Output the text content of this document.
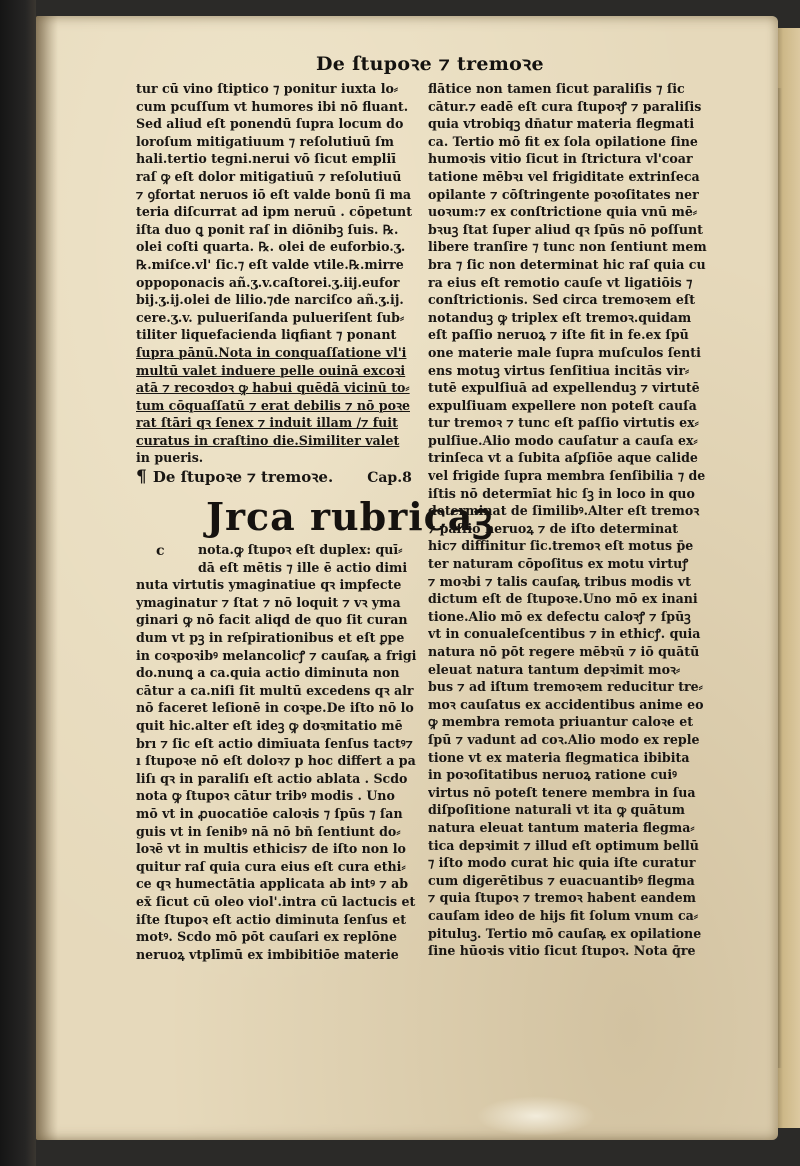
De ſtupoꝛe ⁊ tremoꝛe
tur cū vino ſtiptico ⁊ ponitur iuxta lo⸗
cum pcuſſum vt humores ibi nō fluant.
Sed aliud eſt ponendū ſupra locum do
loroſum mitigatiuum ⁊ reſolutiuū ſm
hali.tertio tegni.nerui vō ſicut empliī
raſ ꝙ eſt dolor mitigatiuū ⁊ reſolutiuū
⁊ ꝯfortat neruos iō eſt valde bonū ſi ma
teria diſcurrat ad ipm neruū . cōpetunt
iſta duo ꝗ ponit raſ in diōnibꝫ ſuis. ℞.
olei coſti quarta. ℞. olei de euforbio.ʒ.
℞.miſce.vl' ſic.⁊ eſt valde vtile.℞.mirre
oppoponacis añ.ʒ.v.caſtorei.ʒ.iij.eufor
bij.ʒ.ij.olei de lilio.⁊de narciſco añ.ʒ.ij.
cere.ʒ.v. pulueriſanda pulueriſent ſub⸗
tiliter liquefacienda liqfiant ⁊ ponant
ſupra pānū.Nota in conquaſſatione vl'i
multū valet induere pelle ouinā excoꝛi
atā ⁊ recoꝛdoꝛ ꝙ habui quēdā vicinū to⸗
tum cōquaſſatū ⁊ erat debilis ⁊ nō poꝛe
rat ſtāri qꝛ ſenex ⁊ induit illam /⁊ fuit
curatus in craſtino die.Similiter valet
in pueris.
¶ De ſtupoꝛe ⁊ tremoꝛe. Cap.8
Jrca rubricaꝫ
c	nota.ꝙ ſtupoꝛ eſt duplex: quī⸗
dā eſt mētis ⁊ ille ē actio dimi
nuta virtutis ymaginatiue qꝛ impfecte
ymaginatur ⁊ ſtat ⁊ nō loquit ⁊ vꝛ yma
ginari ꝙ nō facit aliqd de quo ſit curan
dum vt pꝫ in reſpirationibus et eſt ꝑpe
in coꝛpoꝛibꝰ melancolicꝭ ⁊ cauſaꝶ a frigi
do.nunꝗ a ca.quia actio diminuta non
cātur a ca.niſi ſit multū excedens qꝛ alr
nō faceret leſionē in coꝛpe.De iſto nō lo
quit hic.alter eſt ideꝫ ꝙ doꝛmitatio mē
brı ⁊ ſic eſt actio dimīuata ſenſus tactꝰ⁊
ı ſtupoꝛe nō eſt doloꝛ⁊ p hoc differt a pa
liſı qꝛ in paraliſı eſt actio ablata . Scdo
nota ꝙ ſtupoꝛ cātur tribꝰ modis . Uno
mō vt in ꝓuocatiōe caloꝛis ⁊ ſpūs ⁊ ſan
guis vt in ſenibꝰ nā nō bn̄ ſentiunt do⸗
loꝛē vt in multis ethicis⁊ de iſto non lo
quitur raſ quia cura eius eſt cura ethi⸗
ce qꝛ humectātia applicata ab intꝰ ⁊ ab
ex̄ ſicut cū oleo viol'.intra cū lactucis et
iſte ſtupoꝛ eſt actio diminuta ſenſus et
motꝰ. Scdo mō pōt cauſari ex replōne
neruoꝝ vtplīmū ex imbibitiōe materie
flātice non tamen ſicut paraliſis ⁊ ſic
cātur.⁊ eadē eſt cura ſtupoꝛꝭ ⁊ paraliſis
quia vtrobiqꝫ dn̄atur materia flegmati
ca. Tertio mō fit ex ſola opilatione ſine
humoꝛis vitio ſicut in ſtrictura vl'coar
tatione mēbꝛı vel frigiditate extrinſeca
opilante ⁊ cōſtringente poꝛoſitates ner
uoꝛum:⁊ ex conſtrictione quia vnū mē⸗
bꝛuꝫ ſtat ſuper aliud qꝛ ſpūs nō poſſunt
libere tranſire ⁊ tunc non ſentiunt mem
bra ⁊ ſic non determinat hic raſ quia cu
ra eius eſt remotio cauſe vt ligatiōis ⁊
conſtrictionis. Sed circa tremoꝛem eſt
notanduꝫ ꝙ triplex eſt tremoꝛ.quidam
eſt paſſio neruoꝝ ⁊ iſte fit in fe.ex ſpū
one materie male ſupra muſculos ſenti
ens motuꝫ virtus ſenſitiua incitās vir⸗
tutē expulſiuā ad expellenduꝫ ⁊ virtutē
expulſiuam expellere non poteſt cauſa
tur tremoꝛ ⁊ tunc eſt paſſio virtutis ex⸗
pulſiue.Alio modo cauſatur a cauſa ex⸗
trinſeca vt a ſubita aſꝑſiōe aque calide
vel frigide ſupra membra ſenſibilia ⁊ de
iſtis nō determīat hic ſꝫ in loco in quo
determinat de ſimilibꝰ.Alter eſt tremoꝛ
⁊ paſſio neruoꝝ ⁊ de iſto determinat
hic⁊ diffinitur ſic.tremoꝛ eſt motus p̄e
ter naturam cōpoſitus ex motu virtuꝭ
⁊ moꝛbi ⁊ talis cauſaꝶ tribus modis vt
dictum eſt de ſtupoꝛe.Uno mō ex inani
tione.Alio mō ex defectu caloꝛꝭ ⁊ ſpūꝫ
vt in conualeſcentibus ⁊ in ethicꝭ. quia
natura nō pōt regere mēbꝛū ⁊ iō quātū
eleuat natura tantum depꝛimit moꝛ⸗
bus ⁊ ad iſtum tremoꝛem reducitur tre⸗
moꝛ cauſatus ex accidentibus anime eo
ꝙ membra remota priuantur caloꝛe et
ſpū ⁊ vadunt ad coꝛ.Alio modo ex reple
tione vt ex materia flegmatica ibibita
in poꝛoſitatibus neruoꝝ ratione cuiꝰ
virtus nō poteſt tenere membra in ſua
diſpoſitione naturali vt ita ꝙ quātum
natura eleuat tantum materia flegma⸗
tica depꝛimit ⁊ illud eſt optimum bellū
⁊ iſto modo curat hic quia iſte curatur
cum digerētibus ⁊ euacuantibꝰ flegma
⁊ quia ſtupoꝛ ⁊ tremoꝛ habent eandem
cauſam ideo de hijs fit ſolum vnum ca⸗
pituluꝫ. Tertio mō cauſaꝶ ex opilatione
ſine hūoꝛis vitio ſicut ſtupoꝛ. Nota q̄re
